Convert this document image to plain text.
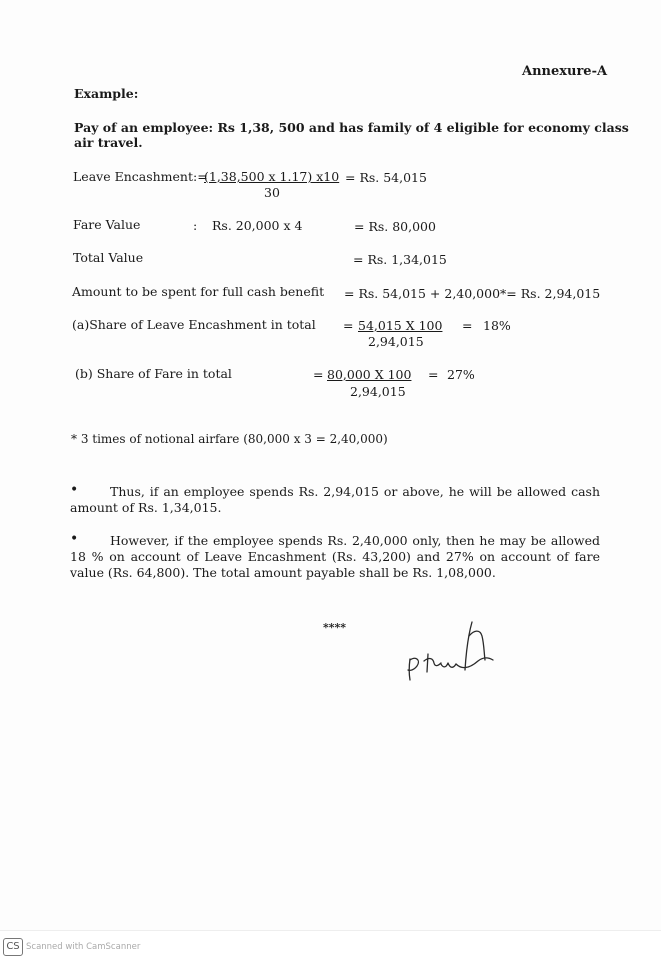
Annexure-A
Example:
Pay of an employee: Rs 1,38, 500 and has family of 4 eligible for economy class
air travel.
Leave Encashment:=
(1,38,500 x 1.17) x10
30
= Rs. 54,015
Fare Value	: Rs. 20,000 x 4	= Rs. 80,000
Total Value	= Rs. 1,34,015
Amount to be spent for full cash benefit = Rs. 54,015 + 2,40,000*= Rs. 2,94,015
(a)Share of Leave Encashment in total = 54,015 X 100
2,94,015
= 18%
(b) Share of Fare in total	= 80,000 X 100
2,94,015
= 27%
* 3 times of notional airfare (80,000 x 3 = 2,40,000)
•	Thus, if an employee spends Rs. 2,94,015 or above, he will be allowed cash amount of Rs. 1,34,015.
•	However, if the employee spends Rs. 2,40,000 only, then he may be allowed 18 % on account of Leave Encashment (Rs. 43,200) and 27% on account of fare value (Rs. 64,800). The total amount payable shall be Rs. 1,08,000.
****
CS Scanned with CamScanner
